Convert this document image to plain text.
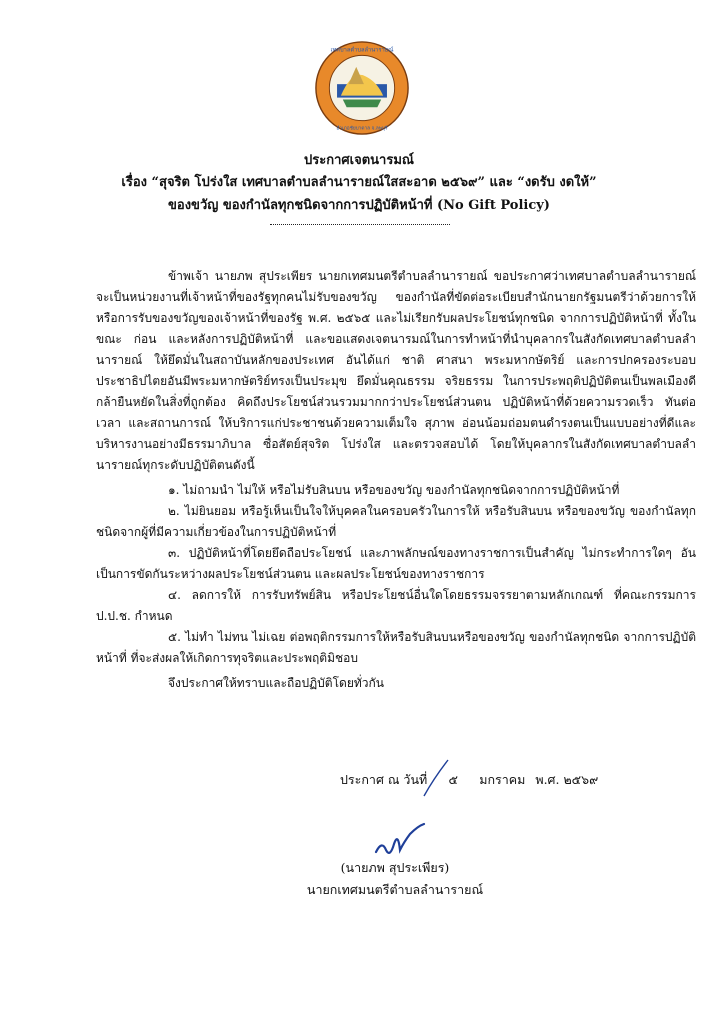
เทศบาลตำบลลำนารายณ์
อำเภอชัยบาดาล จ.ลพบุรี
ประกาศเจตนารมณ์
เรื่อง “สุจริต โปร่งใส เทศบาลตำบลลำนารายณ์ใสสะอาด ๒๕๖๙” และ “งดรับ งดให้”
ของขวัญ ของกำนัลทุกชนิดจากการปฏิบัติหน้าที่ (No Gift Policy)

ข้าพเจ้า นายภพ สุประเพียร นายกเทศมนตรีตำบลลำนารายณ์ ขอประกาศว่าเทศบาลตำบลลำนารายณ์ จะเป็นหน่วยงานที่เจ้าหน้าที่ของรัฐทุกคนไม่รับของขวัญ ของกำนัลที่ขัดต่อระเบียบสำนักนายกรัฐมนตรีว่าด้วยการให้หรือการรับของขวัญของเจ้าหน้าที่ของรัฐ พ.ศ. ๒๕๖๕ และไม่เรียกรับผลประโยชน์ทุกชนิด จากการปฏิบัติหน้าที่ ทั้งในขณะ ก่อน และหลังการปฏิบัติหน้าที่ และขอแสดงเจตนารมณ์ในการทำหน้าที่นำบุคลากรในสังกัดเทศบาลตำบลลำนารายณ์ ให้ยึดมั่นในสถาบันหลักของประเทศ อันได้แก่ ชาติ ศาสนา พระมหากษัตริย์ และการปกครองระบอบประชาธิปไตยอันมีพระมหากษัตริย์ทรงเป็นประมุข ยึดมั่นคุณธรรม จริยธรรม ในการประพฤติปฏิบัติตนเป็นพลเมืองดี กล้ายืนหยัดในสิ่งที่ถูกต้อง คิดถึงประโยชน์ส่วนรวมมากกว่าประโยชน์ส่วนตน ปฏิบัติหน้าที่ด้วยความรวดเร็ว ทันต่อเวลา และสถานการณ์ ให้บริการแก่ประชาชนด้วยความเต็มใจ สุภาพ อ่อนน้อมถ่อมตนดำรงตนเป็นแบบอย่างที่ดีและบริหารงานอย่างมีธรรมาภิบาล ซื่อสัตย์สุจริต โปร่งใส และตรวจสอบได้ โดยให้บุคลากรในสังกัดเทศบาลตำบลลำนารายณ์ทุกระดับปฏิบัติตนดังนี้

๑. ไม่ถามนำ ไม่ให้ หรือไม่รับสินบน หรือของขวัญ ของกำนัลทุกชนิดจากการปฏิบัติหน้าที่

๒. ไม่ยินยอม หรือรู้เห็นเป็นใจให้บุคคลในครอบครัวในการให้ หรือรับสินบน หรือของขวัญ ของกำนัลทุกชนิดจากผู้ที่มีความเกี่ยวข้องในการปฏิบัติหน้าที่

๓. ปฏิบัติหน้าที่โดยยึดถือประโยชน์ และภาพลักษณ์ของทางราชการเป็นสำคัญ ไม่กระทำการใดๆ อันเป็นการขัดกันระหว่างผลประโยชน์ส่วนตน และผลประโยชน์ของทางราชการ

๔. ลดการให้ การรับทรัพย์สิน หรือประโยชน์อื่นใดโดยธรรมจรรยาตามหลักเกณฑ์ ที่คณะกรรมการ ป.ป.ช. กำหนด

๕. ไม่ทำ ไม่ทน ไม่เฉย ต่อพฤติกรรมการให้หรือรับสินบนหรือของขวัญ ของกำนัลทุกชนิด จากการปฏิบัติหน้าที่ ที่จะส่งผลให้เกิดการทุจริตและประพฤติมิชอบ

จึงประกาศให้ทราบและถือปฏิบัติโดยทั่วกัน

ประกาศ ณ วันที่ ๕ มกราคม พ.ศ. ๒๕๖๙
(นายภพ สุประเพียร)
นายกเทศมนตรีตำบลลำนารายณ์
